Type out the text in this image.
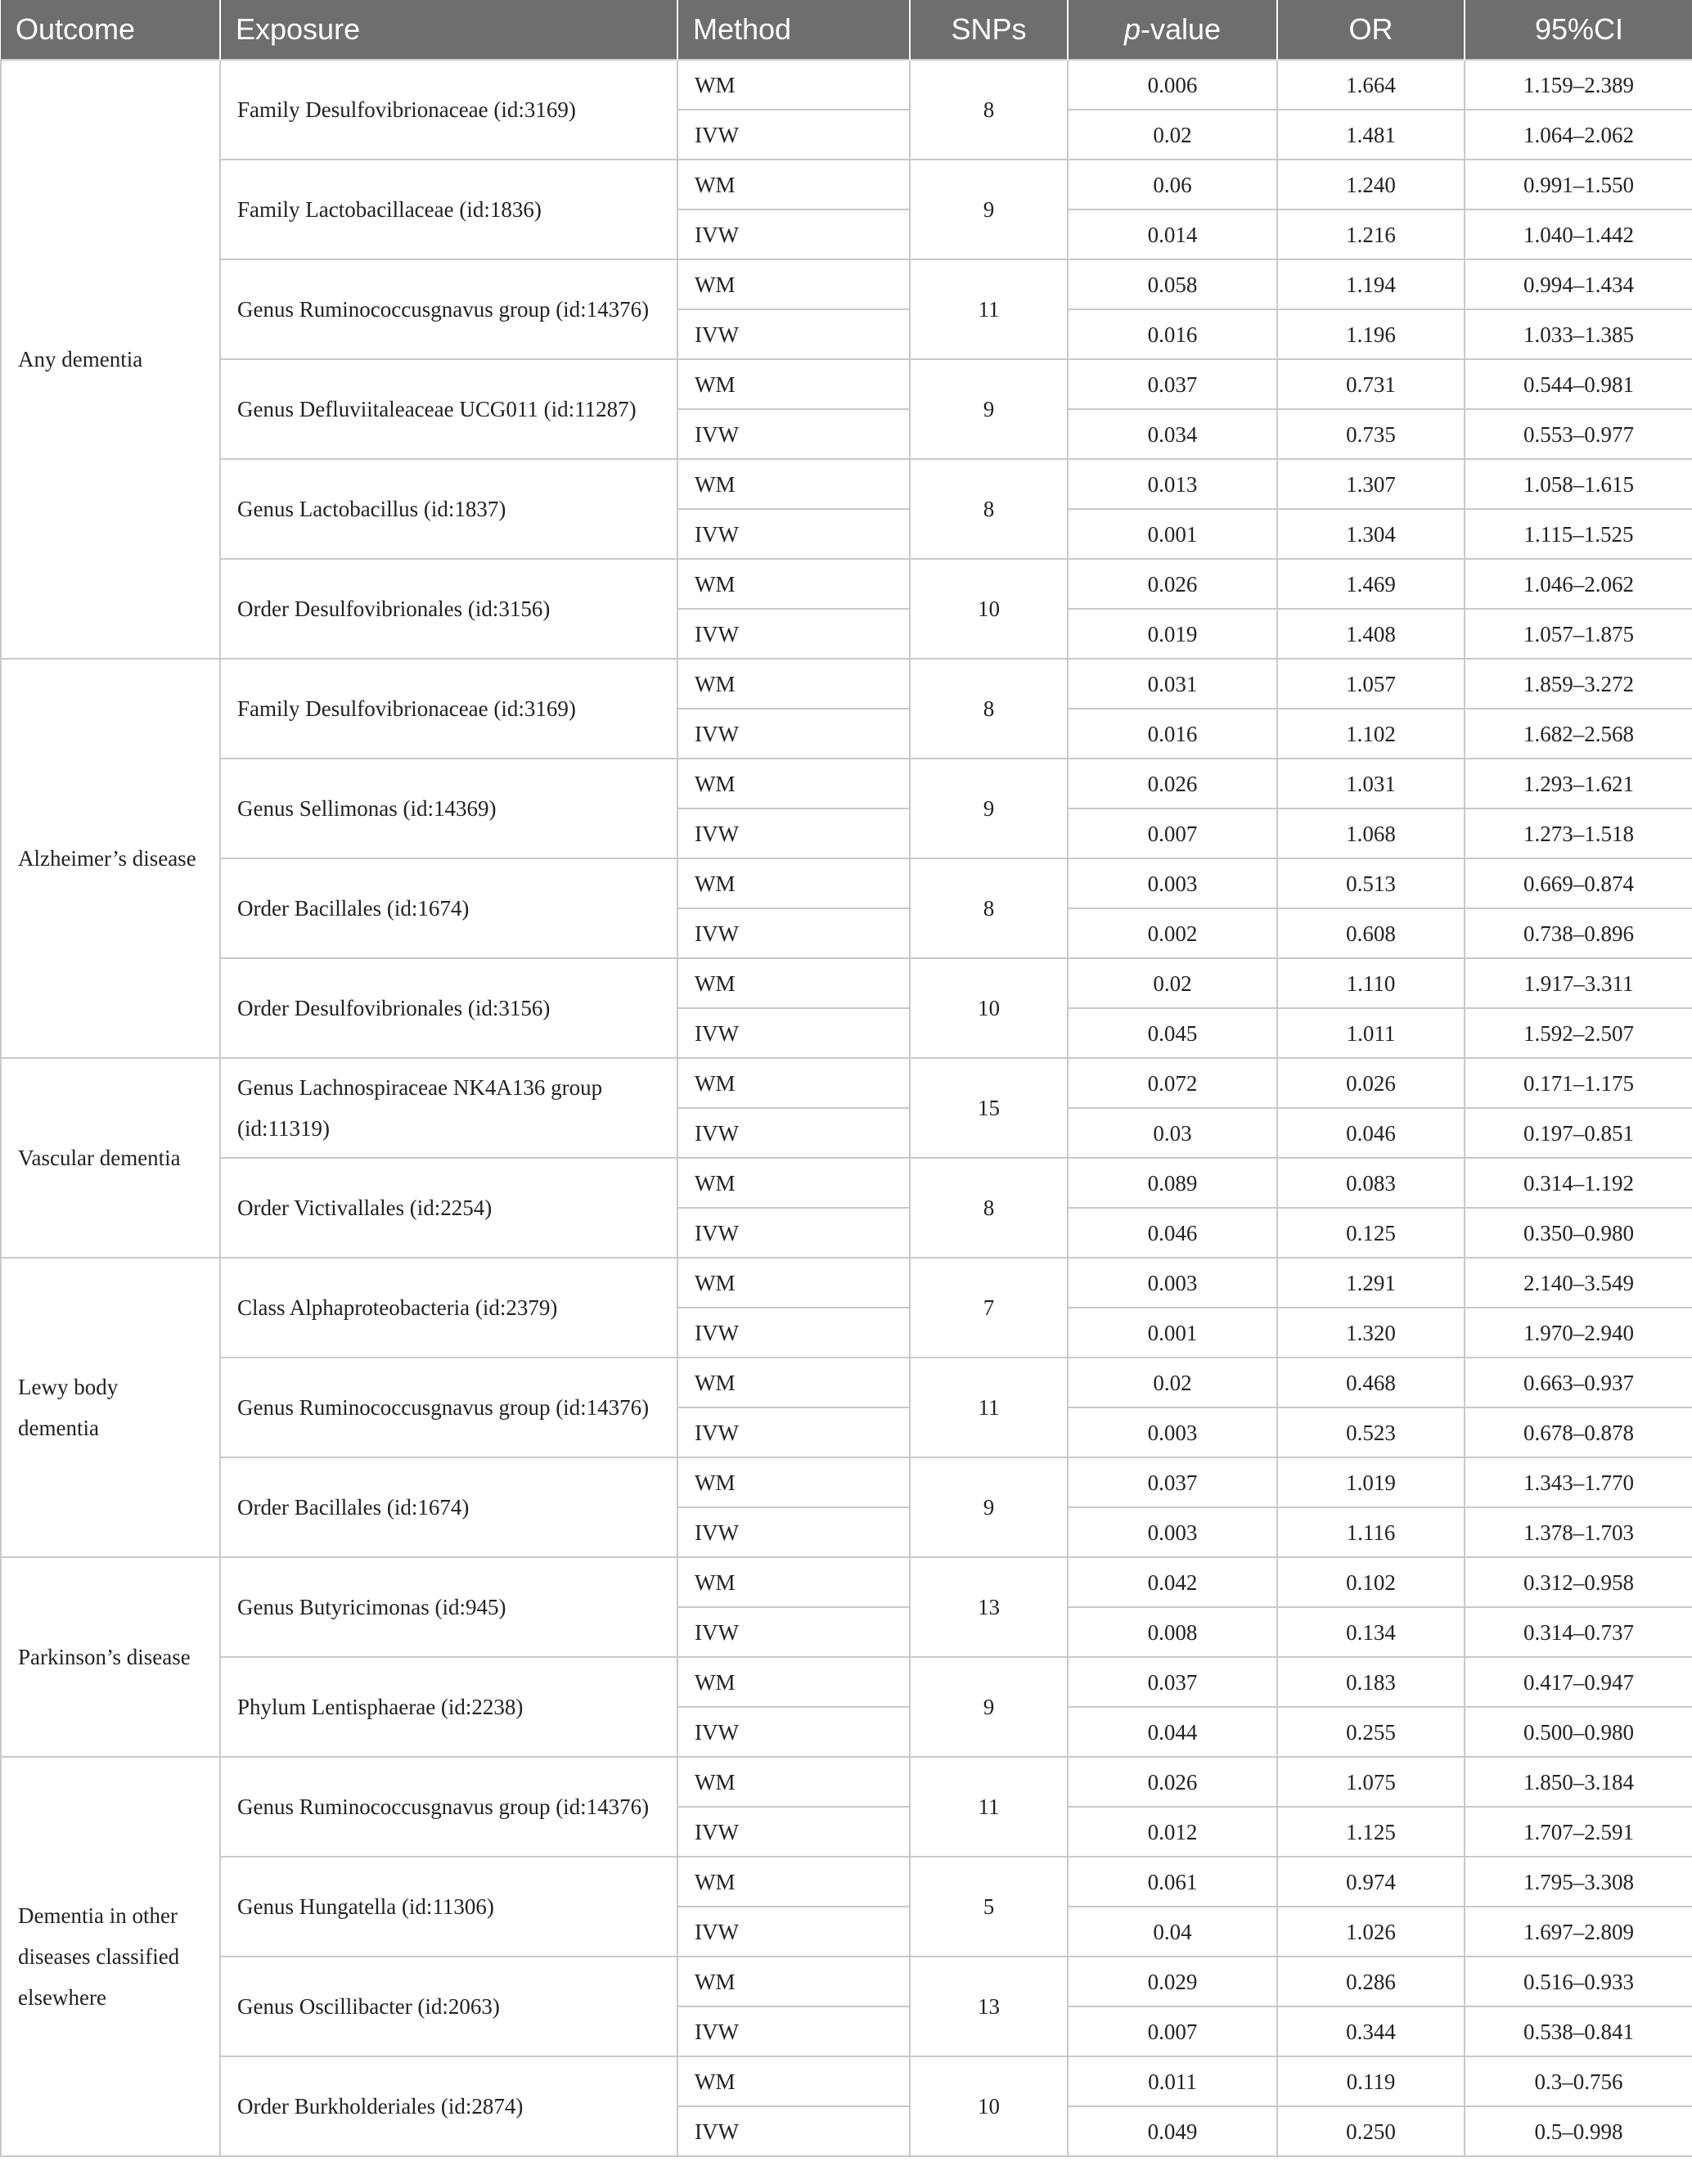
Outcome	Exposure	Method	SNPs	p-value	OR	95%CI
Any dementia	Family Desulfovibrionaceae (id:3169)	WM	8	0.006	1.664	1.159–2.389
		IVW		0.02	1.481	1.064–2.062
	Family Lactobacillaceae (id:1836)	WM	9	0.06	1.240	0.991–1.550
		IVW		0.014	1.216	1.040–1.442
	Genus Ruminococcusgnavus group (id:14376)	WM	11	0.058	1.194	0.994–1.434
		IVW		0.016	1.196	1.033–1.385
	Genus Defluviitaleaceae UCG011 (id:11287)	WM	9	0.037	0.731	0.544–0.981
		IVW		0.034	0.735	0.553–0.977
	Genus Lactobacillus (id:1837)	WM	8	0.013	1.307	1.058–1.615
		IVW		0.001	1.304	1.115–1.525
	Order Desulfovibrionales (id:3156)	WM	10	0.026	1.469	1.046–2.062
		IVW		0.019	1.408	1.057–1.875
Alzheimer’s disease	Family Desulfovibrionaceae (id:3169)	WM	8	0.031	1.057	1.859–3.272
		IVW		0.016	1.102	1.682–2.568
	Genus Sellimonas (id:14369)	WM	9	0.026	1.031	1.293–1.621
		IVW		0.007	1.068	1.273–1.518
	Order Bacillales (id:1674)	WM	8	0.003	0.513	0.669–0.874
		IVW		0.002	0.608	0.738–0.896
	Order Desulfovibrionales (id:3156)	WM	10	0.02	1.110	1.917–3.311
		IVW		0.045	1.011	1.592–2.507
Vascular dementia	Genus Lachnospiraceae NK4A136 group (id:11319)	WM	15	0.072	0.026	0.171–1.175
		IVW		0.03	0.046	0.197–0.851
	Order Victivallales (id:2254)	WM	8	0.089	0.083	0.314–1.192
		IVW		0.046	0.125	0.350–0.980
Lewy body dementia	Class Alphaproteobacteria (id:2379)	WM	7	0.003	1.291	2.140–3.549
		IVW		0.001	1.320	1.970–2.940
	Genus Ruminococcusgnavus group (id:14376)	WM	11	0.02	0.468	0.663–0.937
		IVW		0.003	0.523	0.678–0.878
	Order Bacillales (id:1674)	WM	9	0.037	1.019	1.343–1.770
		IVW		0.003	1.116	1.378–1.703
Parkinson’s disease	Genus Butyricimonas (id:945)	WM	13	0.042	0.102	0.312–0.958
		IVW		0.008	0.134	0.314–0.737
	Phylum Lentisphaerae (id:2238)	WM	9	0.037	0.183	0.417–0.947
		IVW		0.044	0.255	0.500–0.980
Dementia in other diseases classified elsewhere	Genus Ruminococcusgnavus group (id:14376)	WM	11	0.026	1.075	1.850–3.184
		IVW		0.012	1.125	1.707–2.591
	Genus Hungatella (id:11306)	WM	5	0.061	0.974	1.795–3.308
		IVW		0.04	1.026	1.697–2.809
	Genus Oscillibacter (id:2063)	WM	13	0.029	0.286	0.516–0.933
		IVW		0.007	0.344	0.538–0.841
	Order Burkholderiales (id:2874)	WM	10	0.011	0.119	0.3–0.756
		IVW		0.049	0.250	0.5–0.998
